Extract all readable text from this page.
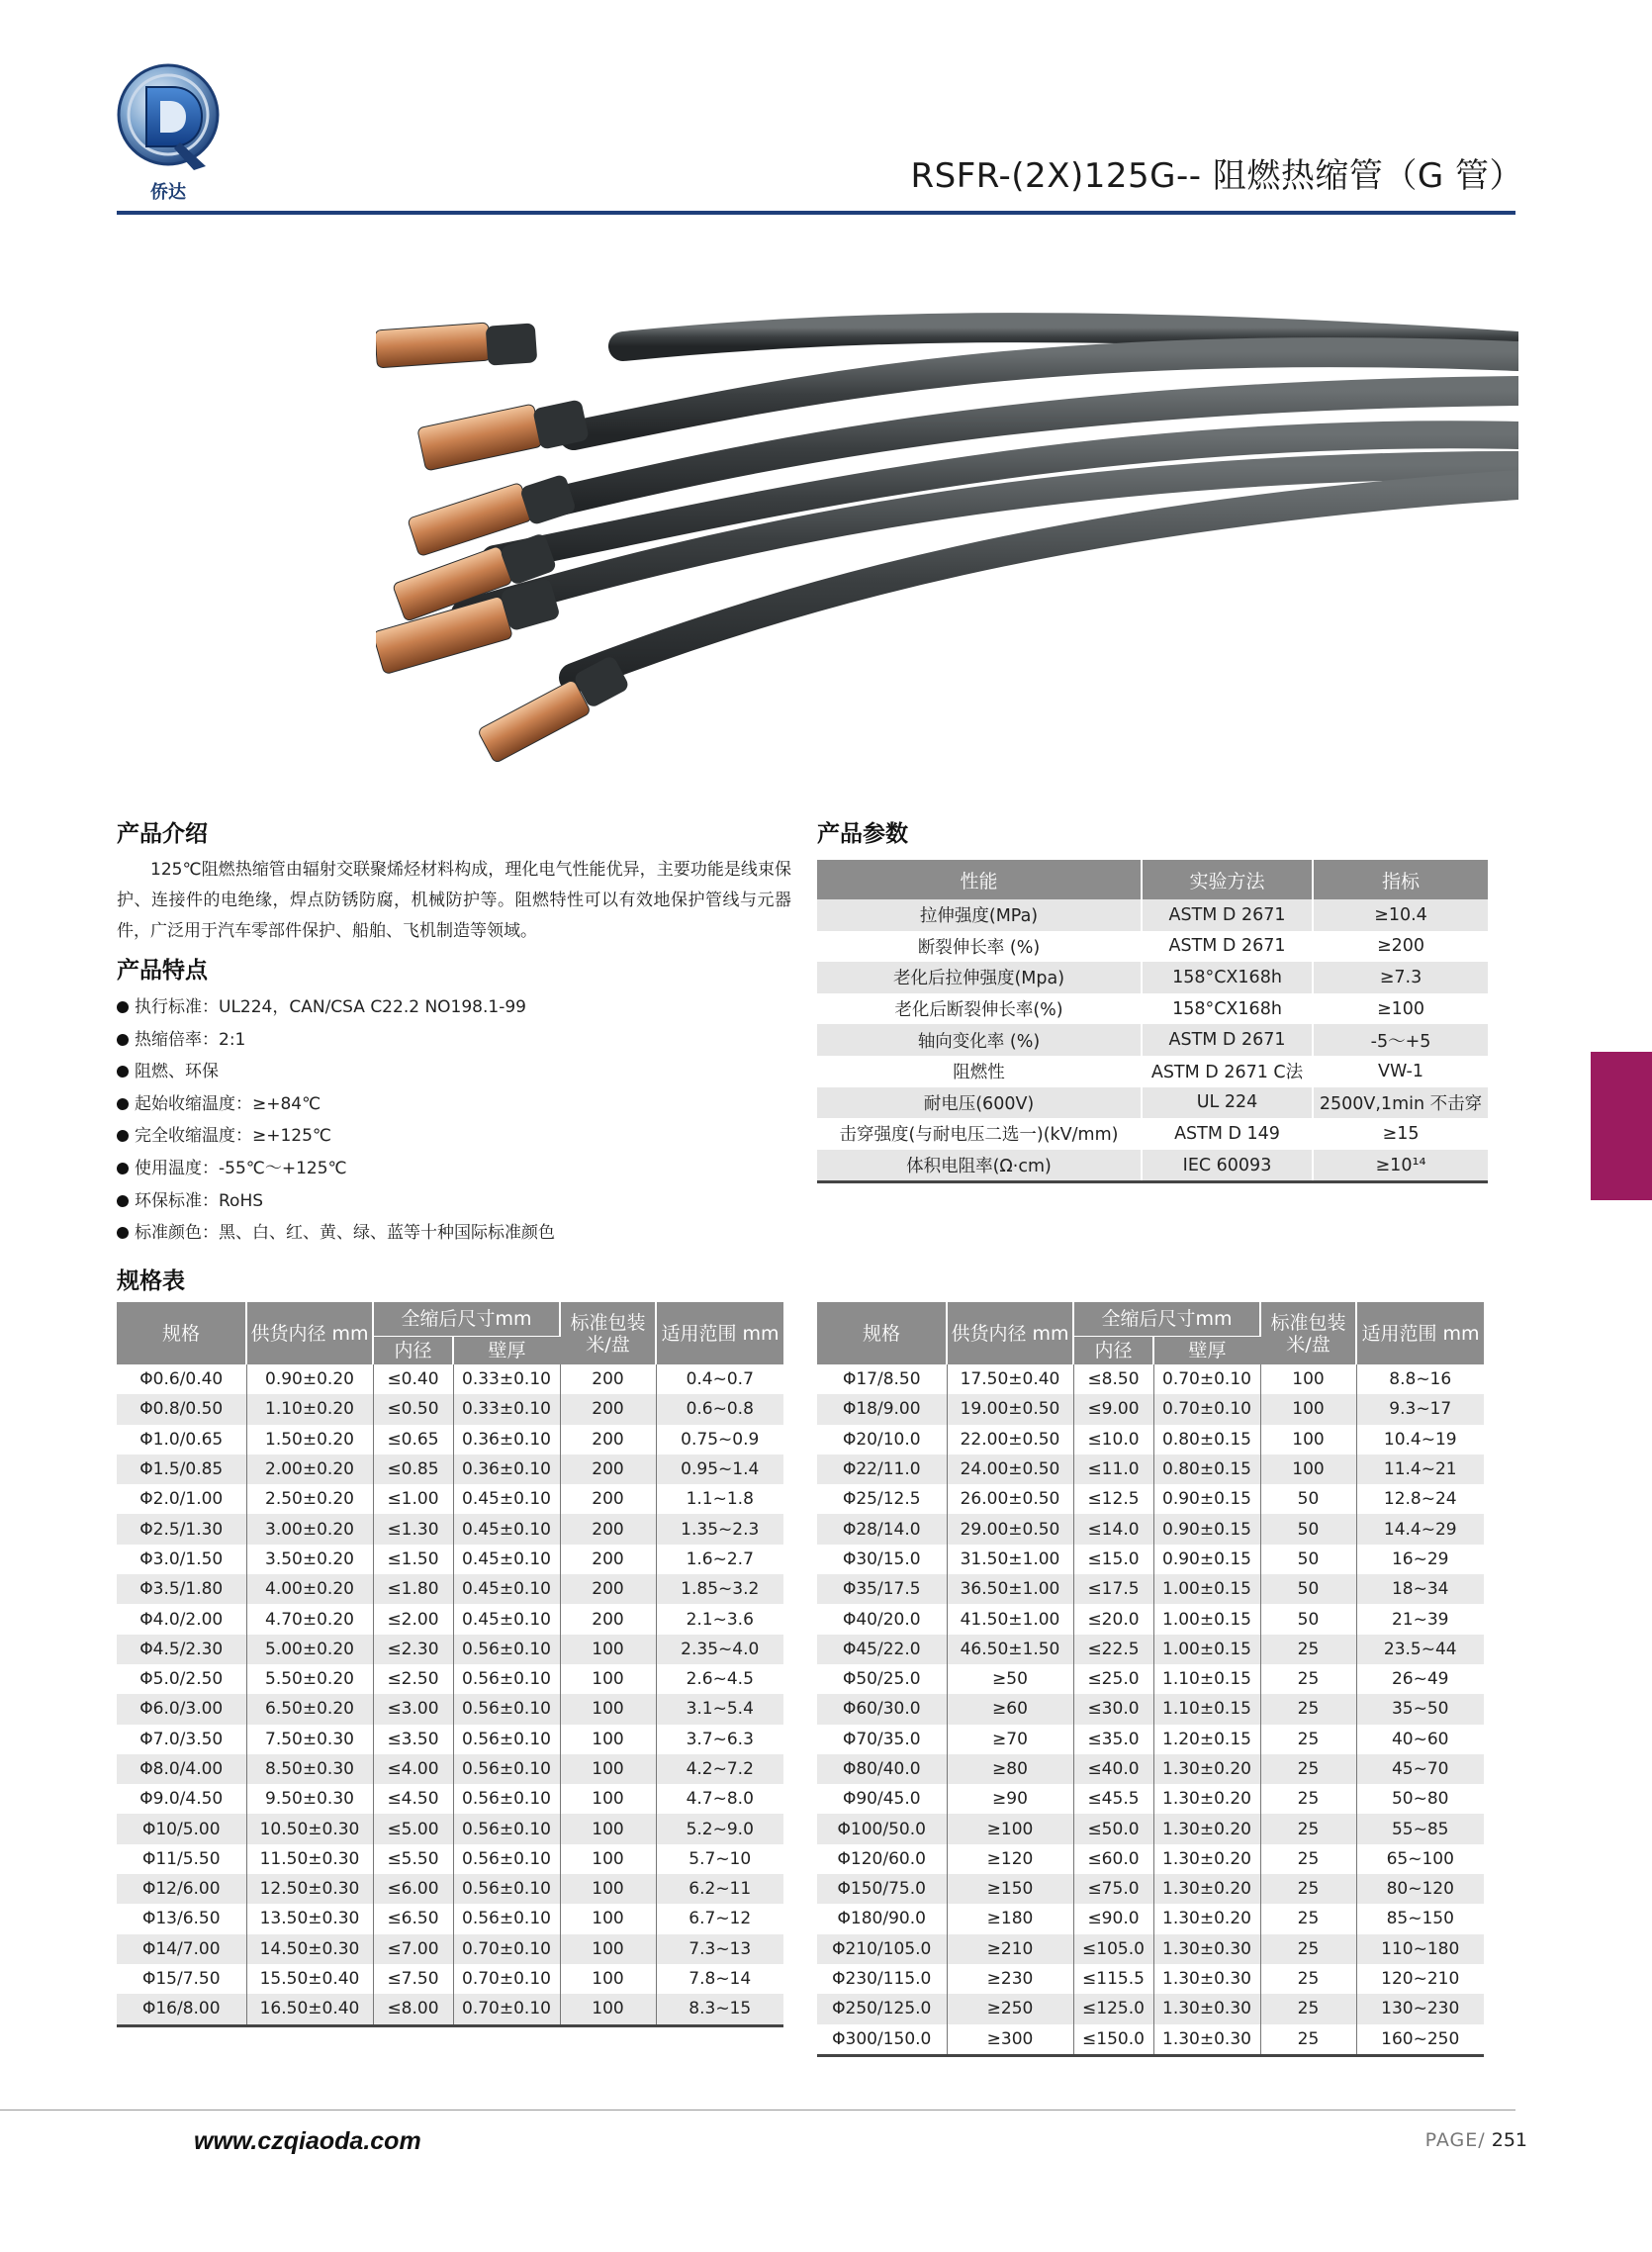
侨达	RSFR-(2X)125G-- 阻燃热缩管（G 管）
产品介绍
125℃阻燃热缩管由辐射交联聚烯烃材料构成，理化电气性能优异，主要功能是线束保护、连接件的电绝缘，焊点防锈防腐，机械防护等。阻燃特性可以有效地保护管线与元器件，广泛用于汽车零部件保护、船舶、飞机制造等领域。
产品特点
执行标准：UL224，CAN/CSA C22.2 NO198.1-99
热缩倍率：2:1
阻燃、环保
起始收缩温度：≥+84℃
完全收缩温度：≥+125℃
使用温度：-55℃～+125℃
环保标准：RoHS
标准颜色：黑、白、红、黄、绿、蓝等十种国际标准颜色
产品参数
性能	实验方法	指标
拉伸强度(MPa)	ASTM D 2671	≥10.4
断裂伸长率 (%)	ASTM D 2671	≥200
老化后拉伸强度(Mpa)	158°CX168h	≥7.3
老化后断裂伸长率(%)	158°CX168h	≥100
轴向变化率 (%)	ASTM D 2671	-5～+5
阻燃性	ASTM D 2671 C法	VW-1
耐电压(600V)	UL 224	2500V,1min 不击穿
击穿强度(与耐电压二选一)(kV/mm)	ASTM D 149	≥15
体积电阻率(Ω·cm)	IEC 60093	≥10¹⁴
规格表
规格	供货内径 mm	全缩后尺寸mm		标准包装 米/盘	适用范围 mm
		内径	壁厚		
Φ0.6/0.40	0.90±0.20	≤0.40	0.33±0.10	200	0.4~0.7
Φ0.8/0.50	1.10±0.20	≤0.50	0.33±0.10	200	0.6~0.8
Φ1.0/0.65	1.50±0.20	≤0.65	0.36±0.10	200	0.75~0.9
Φ1.5/0.85	2.00±0.20	≤0.85	0.36±0.10	200	0.95~1.4
Φ2.0/1.00	2.50±0.20	≤1.00	0.45±0.10	200	1.1~1.8
Φ2.5/1.30	3.00±0.20	≤1.30	0.45±0.10	200	1.35~2.3
Φ3.0/1.50	3.50±0.20	≤1.50	0.45±0.10	200	1.6~2.7
Φ3.5/1.80	4.00±0.20	≤1.80	0.45±0.10	200	1.85~3.2
Φ4.0/2.00	4.70±0.20	≤2.00	0.45±0.10	200	2.1~3.6
Φ4.5/2.30	5.00±0.20	≤2.30	0.56±0.10	100	2.35~4.0
Φ5.0/2.50	5.50±0.20	≤2.50	0.56±0.10	100	2.6~4.5
Φ6.0/3.00	6.50±0.20	≤3.00	0.56±0.10	100	3.1~5.4
Φ7.0/3.50	7.50±0.30	≤3.50	0.56±0.10	100	3.7~6.3
Φ8.0/4.00	8.50±0.30	≤4.00	0.56±0.10	100	4.2~7.2
Φ9.0/4.50	9.50±0.30	≤4.50	0.56±0.10	100	4.7~8.0
Φ10/5.00	10.50±0.30	≤5.00	0.56±0.10	100	5.2~9.0
Φ11/5.50	11.50±0.30	≤5.50	0.56±0.10	100	5.7~10
Φ12/6.00	12.50±0.30	≤6.00	0.56±0.10	100	6.2~11
Φ13/6.50	13.50±0.30	≤6.50	0.56±0.10	100	6.7~12
Φ14/7.00	14.50±0.30	≤7.00	0.70±0.10	100	7.3~13
Φ15/7.50	15.50±0.40	≤7.50	0.70±0.10	100	7.8~14
Φ16/8.00	16.50±0.40	≤8.00	0.70±0.10	100	8.3~15
规格	供货内径 mm	全缩后尺寸mm		标准包装 米/盘	适用范围 mm
		内径	壁厚		
Φ17/8.50	17.50±0.40	≤8.50	0.70±0.10	100	8.8~16
Φ18/9.00	19.00±0.50	≤9.00	0.70±0.10	100	9.3~17
Φ20/10.0	22.00±0.50	≤10.0	0.80±0.15	100	10.4~19
Φ22/11.0	24.00±0.50	≤11.0	0.80±0.15	100	11.4~21
Φ25/12.5	26.00±0.50	≤12.5	0.90±0.15	50	12.8~24
Φ28/14.0	29.00±0.50	≤14.0	0.90±0.15	50	14.4~29
Φ30/15.0	31.50±1.00	≤15.0	0.90±0.15	50	16~29
Φ35/17.5	36.50±1.00	≤17.5	1.00±0.15	50	18~34
Φ40/20.0	41.50±1.00	≤20.0	1.00±0.15	50	21~39
Φ45/22.0	46.50±1.50	≤22.5	1.00±0.15	25	23.5~44
Φ50/25.0	≥50	≤25.0	1.10±0.15	25	26~49
Φ60/30.0	≥60	≤30.0	1.10±0.15	25	35~50
Φ70/35.0	≥70	≤35.0	1.20±0.15	25	40~60
Φ80/40.0	≥80	≤40.0	1.30±0.20	25	45~70
Φ90/45.0	≥90	≤45.5	1.30±0.20	25	50~80
Φ100/50.0	≥100	≤50.0	1.30±0.20	25	55~85
Φ120/60.0	≥120	≤60.0	1.30±0.20	25	65~100
Φ150/75.0	≥150	≤75.0	1.30±0.20	25	80~120
Φ180/90.0	≥180	≤90.0	1.30±0.20	25	85~150
Φ210/105.0	≥210	≤105.0	1.30±0.30	25	110~180
Φ230/115.0	≥230	≤115.5	1.30±0.30	25	120~210
Φ250/125.0	≥250	≤125.0	1.30±0.30	25	130~230
Φ300/150.0	≥300	≤150.0	1.30±0.30	25	160~250
www.czqiaoda.com	PAGE/ 251
